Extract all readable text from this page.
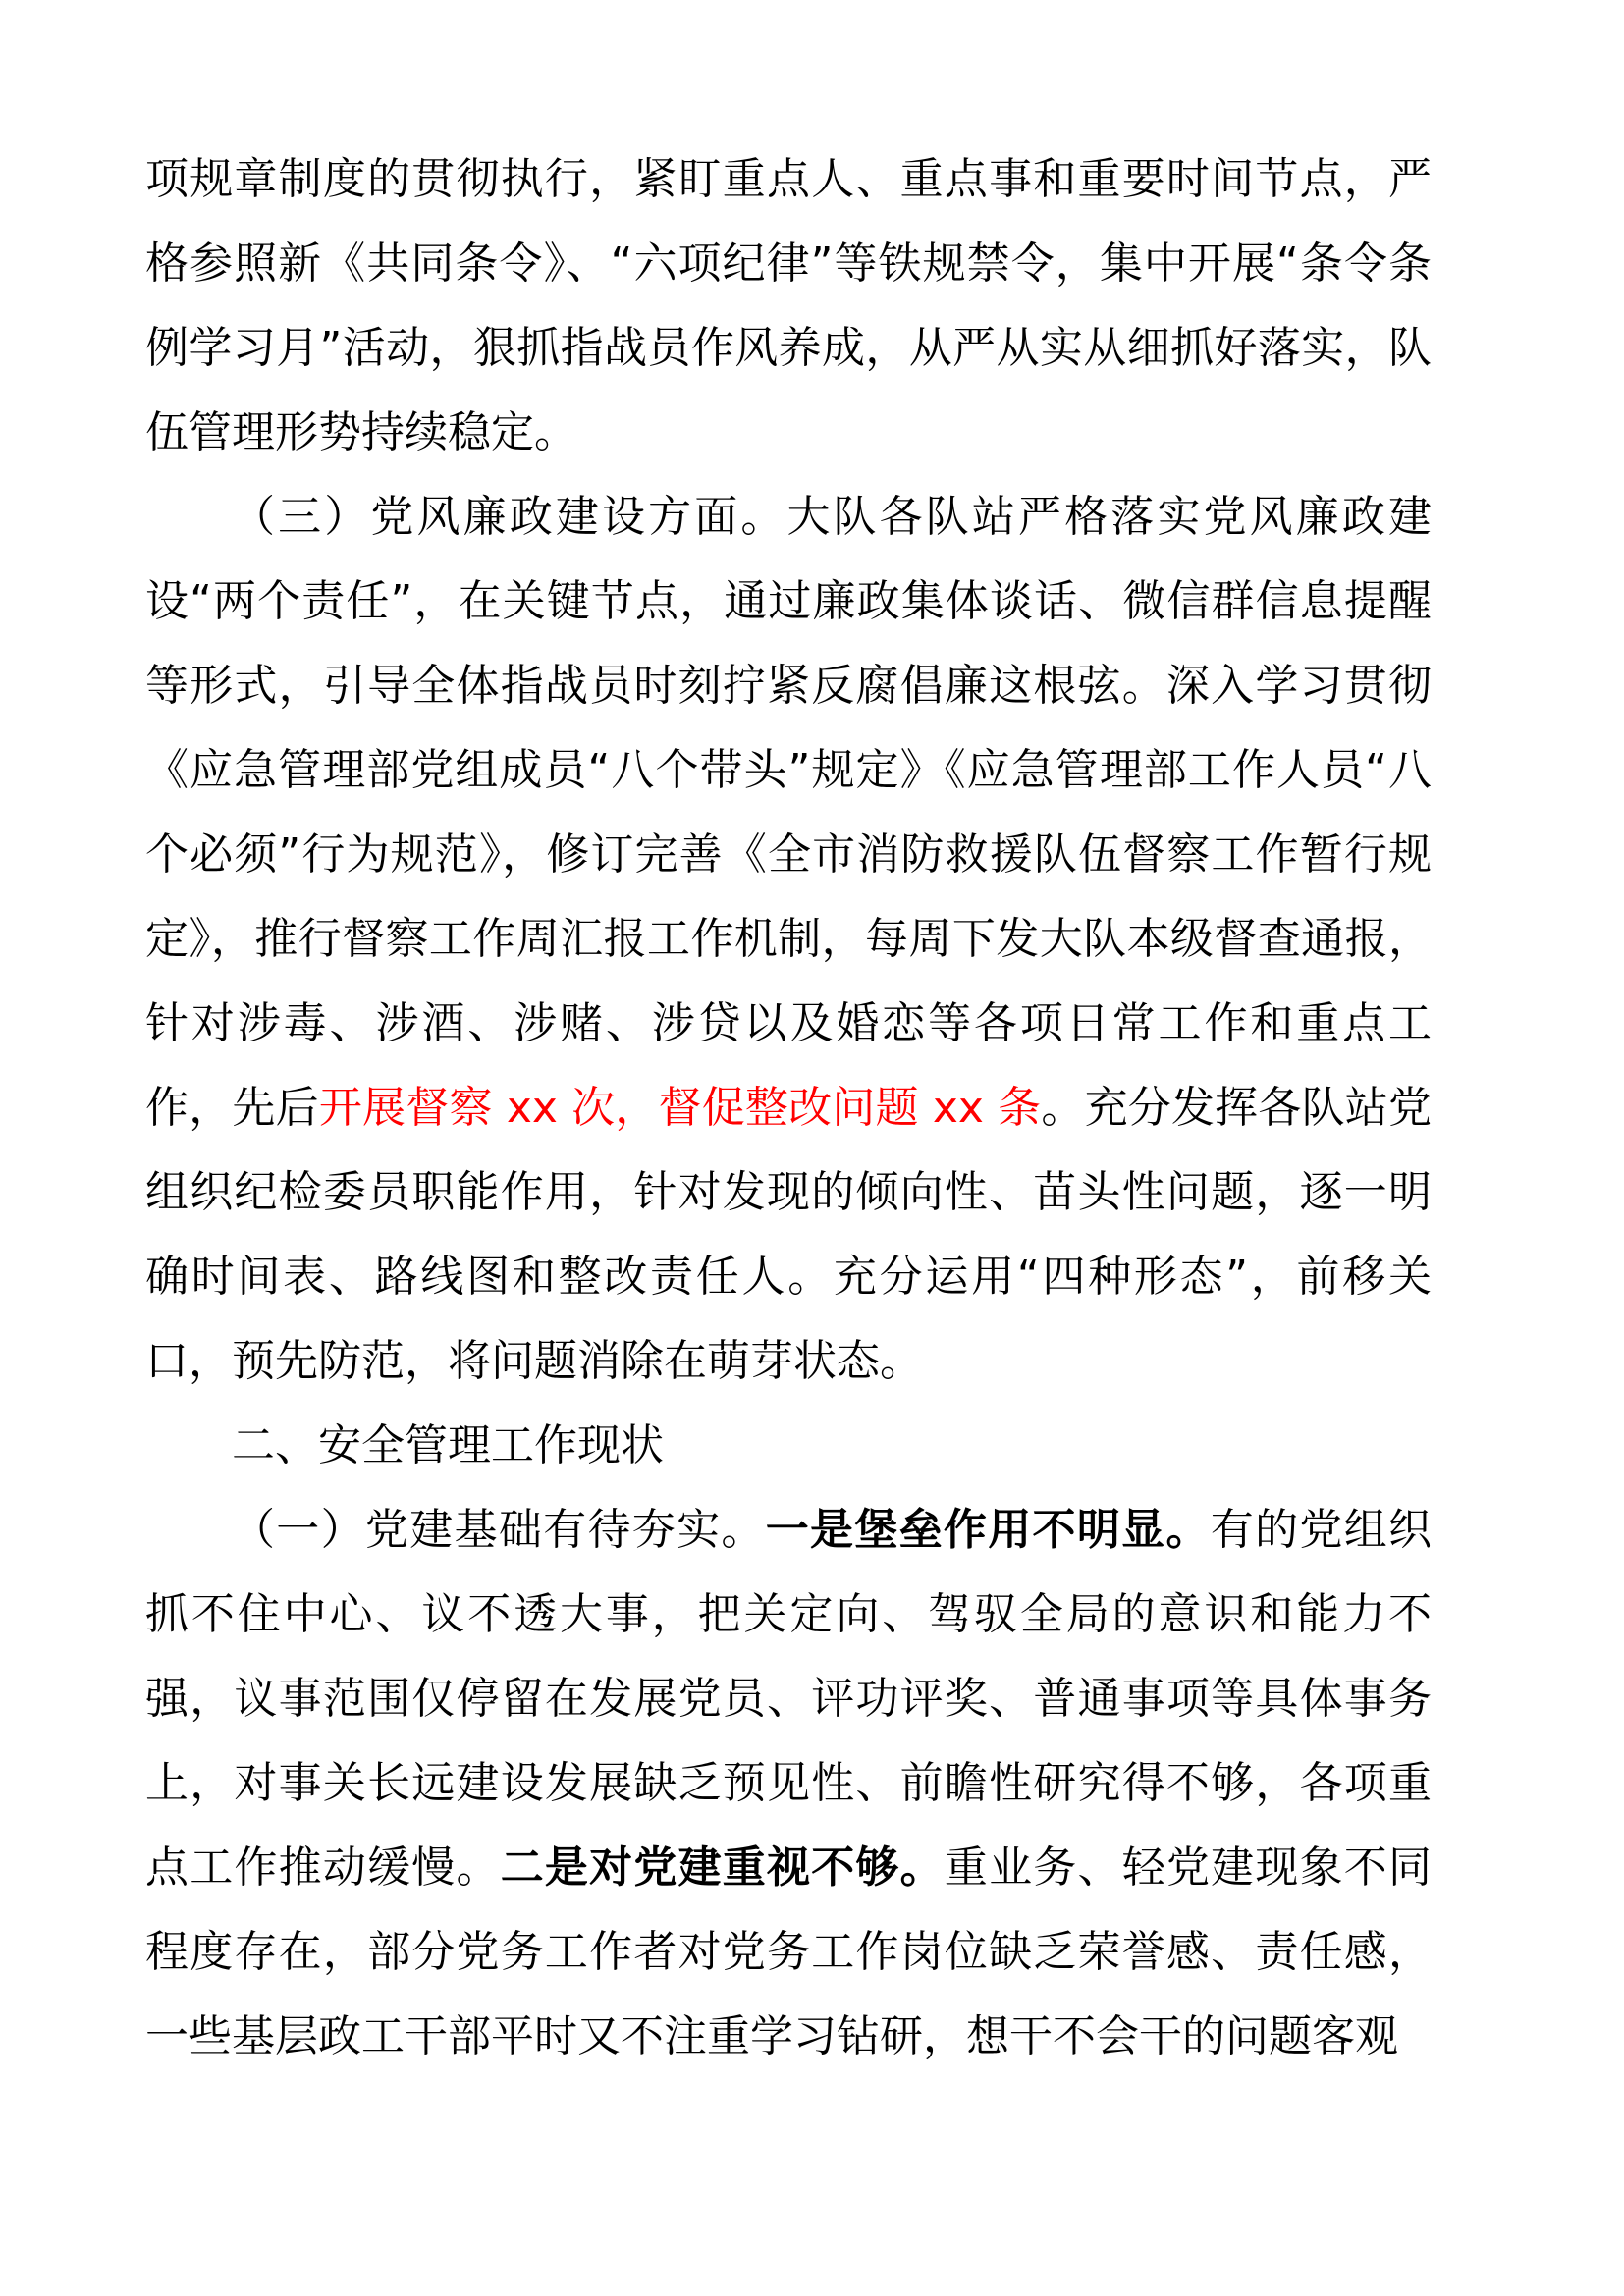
项规章制度的贯彻执行，紧盯重点人、重点事和重要时间节点，严格参照新《共同条令》、“六项纪律”等铁规禁令，集中开展“条令条例学习月”活动，狠抓指战员作风养成，从严从实从细抓好落实，队伍管理形势持续稳定。

（三）党风廉政建设方面。大队各队站严格落实党风廉政建设“两个责任”，在关键节点，通过廉政集体谈话、微信群信息提醒等形式，引导全体指战员时刻拧紧反腐倡廉这根弦。深入学习贯彻《应急管理部党组成员“八个带头”规定》《应急管理部工作人员“八个必须”行为规范》，修订完善《全市消防救援队伍督察工作暂行规定》，推行督察工作周汇报工作机制，每周下发大队本级督查通报，针对涉毒、涉酒、涉赌、涉贷以及婚恋等各项日常工作和重点工作，先后开展督察 xx 次，督促整改问题 xx 条。充分发挥各队站党组织纪检委员职能作用，针对发现的倾向性、苗头性问题，逐一明确时间表、路线图和整改责任人。充分运用“四种形态”，前移关口，预先防范，将问题消除在萌芽状态。

二、安全管理工作现状

（一）党建基础有待夯实。一是堡垒作用不明显。有的党组织抓不住中心、议不透大事，把关定向、驾驭全局的意识和能力不强，议事范围仅停留在发展党员、评功评奖、普通事项等具体事务上，对事关长远建设发展缺乏预见性、前瞻性研究得不够，各项重点工作推动缓慢。二是对党建重视不够。重业务、轻党建现象不同程度存在，部分党务工作者对党务工作岗位缺乏荣誉感、责任感，一些基层政工干部平时又不注重学习钻研，想干不会干的问题客观
